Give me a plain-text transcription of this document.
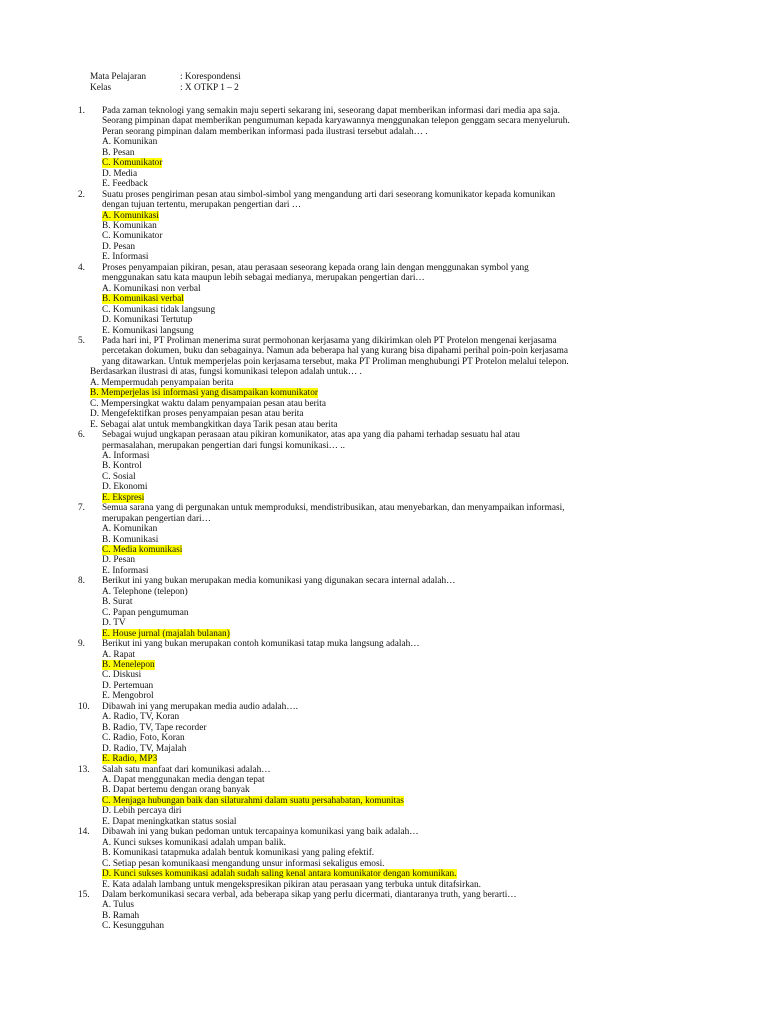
Mata Pelajaran	: Korespondensi
Kelas	: X OTKP 1 – 2
1.	Pada zaman teknologi yang semakin maju seperti sekarang ini, seseorang dapat memberikan informasi dari media apa saja.
Seorang pimpinan dapat memberikan pengumuman kepada karyawannya menggunakan telepon genggam secara menyeluruh.
Peran seorang pimpinan dalam memberikan informasi pada ilustrasi tersebut adalah… .
A. Komunikan
B. Pesan
C. Komunikator
D. Media
E. Feedback
2.	Suatu proses pengiriman pesan atau simbol-simbol yang mengandung arti dari seseorang komunikator kepada komunikan
dengan tujuan tertentu, merupakan pengertian dari …
A. Komunikasi
B. Komunikan
C. Komunikator
D. Pesan
E. Informasi
4.	Proses penyampaian pikiran, pesan, atau perasaan seseorang kepada orang lain dengan menggunakan symbol yang
menggunakan satu kata maupun lebih sebagai medianya, merupakan pengertian dari…
A. Komunikasi non verbal
B. Komunikasi verbal
C. Komunikasi tidak langsung
D. Komunikasi Tertutup
E. Komunikasi langsung
5.	Pada hari ini, PT Proliman menerima surat permohonan kerjasama yang dikirimkan oleh PT Protelon mengenai kerjasama
percetakan dokumen, buku dan sebagainya. Namun ada beberapa hal yang kurang bisa dipahami perihal poin-poin kerjasama
yang ditawarkan. Untuk memperjelas poin kerjasama tersebut, maka PT Proliman menghubungi PT Protelon melalui telepon.
Berdasarkan ilustrasi di atas, fungsi komunikasi telepon adalah untuk… .
A. Mempermudah penyampaian berita
B. Memperjelas isi informasi yang disampaikan komunikator
C. Mempersingkat waktu dalam penyampaian pesan atau berita
D. Mengefektifkan proses penyampaian pesan atau berita
E. Sebagai alat untuk membangkitkan daya Tarik pesan atau berita
6.	Sebagai wujud ungkapan perasaan atau pikiran komunikator, atas apa yang dia pahami terhadap sesuatu hal atau
permasalahan, merupakan pengertian dari fungsi komunikasi… ..
A. Informasi
B. Kontrol
C. Sosial
D. Ekonomi
E. Ekspresi
7.	Semua sarana yang di pergunakan untuk memproduksi, mendistribusikan, atau menyebarkan, dan menyampaikan informasi,
merupakan pengertian dari…
A. Komunikan
B. Komunikasi
C. Media komunikasi
D. Pesan
E. Informasi
8.	Berikut ini yang bukan merupakan media komunikasi yang digunakan secara internal adalah…
A. Telephone (telepon)
B. Surat
C. Papan pengumuman
D. TV
E. House jurnal (majalah bulanan)
9.	Berikut ini yang bukan merupakan contoh komunikasi tatap muka langsung adalah…
A. Rapat
B. Menelepon
C. Diskusi
D. Pertemuan
E. Mengobrol
10.	Dibawah ini yang merupakan media audio adalah….
A. Radio, TV, Koran
B. Radio, TV, Tape recorder
C. Radio, Foto, Koran
D. Radio, TV, Majalah
E. Radio, MP3
13.	Salah satu manfaat dari komunikasi adalah…
A. Dapat menggunakan media dengan tepat
B. Dapat bertemu dengan orang banyak
C. Menjaga hubungan baik dan silaturahmi dalam suatu persahabatan, komunitas
D. Lebih percaya diri
E. Dapat meningkatkan status sosial
14.	Dibawah ini yang bukan pedoman untuk tercapainya komunikasi yang baik adalah…
A. Kunci sukses komunikasi adalah umpan balik.
B. Komunikasi tatapmuka adalah bentuk komunikasi yang paling efektif.
C. Setiap pesan komunikaasi mengandung unsur informasi sekaligus emosi.
D. Kunci sukses komunikasi adalah sudah saling kenal antara komunikator dengan komunikan.
E. Kata adalah lambang untuk mengekspresikan pikiran atau perasaan yang terbuka untuk ditafsirkan.
15.	Dalam berkomunikasi secara verbal, ada beberapa sikap yang perlu dicermati, diantaranya truth, yang berarti…
A. Tulus
B. Ramah
C. Kesungguhan
